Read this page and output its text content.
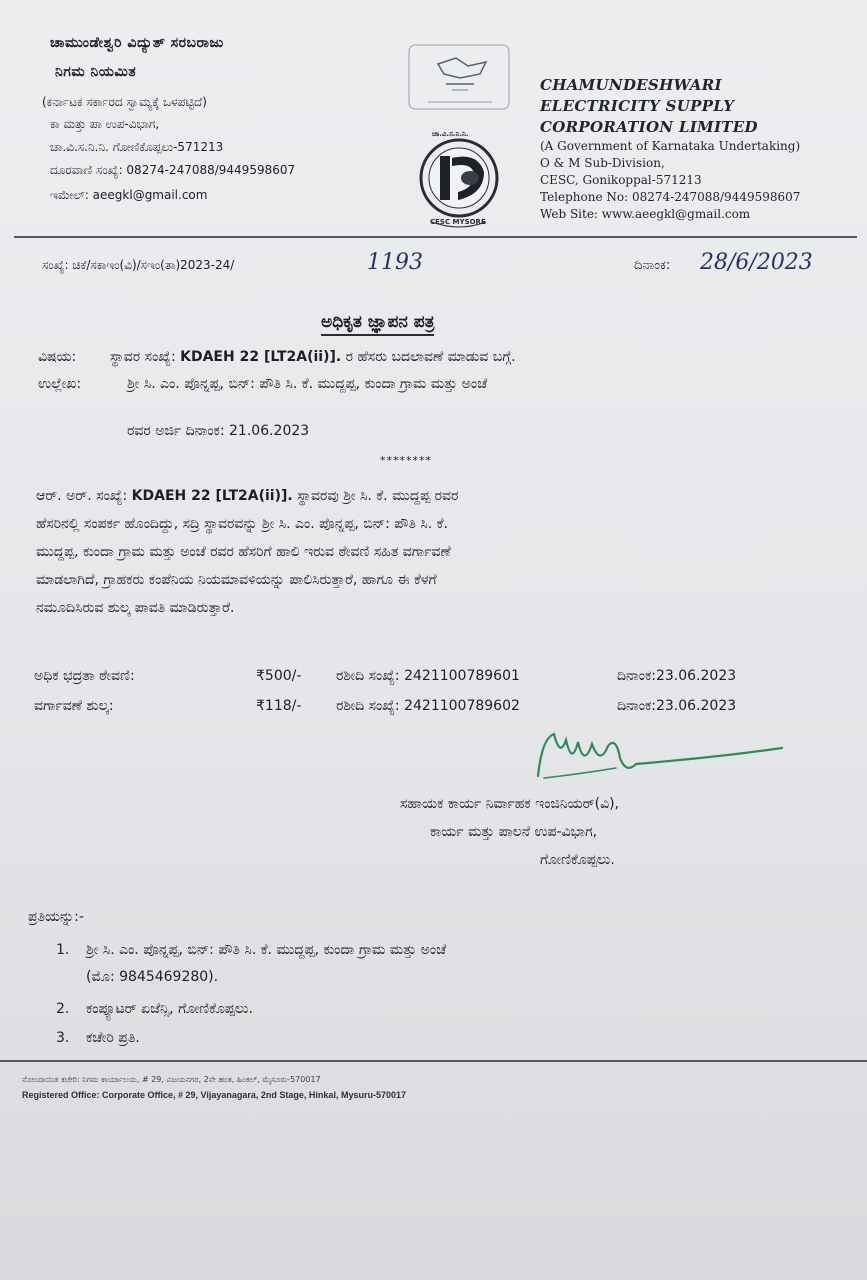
ಚಾಮುಂಡೇಶ್ವರಿ ವಿದ್ಯುತ್ ಸರಬರಾಜು
ನಿಗಮ ನಿಯಮಿತ
(ಕರ್ನಾಟಕ ಸರ್ಕಾರದ ಸ್ವಾಮ್ಯಕ್ಕೆ ಒಳಪಟ್ಟಿದೆ)
ಕಾ ಮತ್ತು ಪಾ ಉಪ-ವಿಭಾಗ,
ಚಾ.ವಿ.ಸ.ನಿ.ನಿ. ಗೋಣಿಕೊಪ್ಪಲು-571213
ದೂರವಾಣಿ ಸಂಖ್ಯೆ: 08274-247088/9449598607
ಇಮೇಲ್: aeegkl@gmail.com
ಚಾ.ವಿ.ಸ.ನಿ.ನಿ.
CESC MYSORE
CHAMUNDESHWARI
ELECTRICITY SUPPLY
CORPORATION LIMITED
(A Government of Karnataka Undertaking)
O & M Sub-Division,
CESC, Gonikoppal-571213
Telephone No: 08274-247088/9449598607
Web Site: www.aeegkl@gmail.com
ಸಂಖ್ಯೆ: ಚಿಕೆ/ಸಕಾಇಂ(ವಿ)/ಸಇಂ(ತಾ)2023-24/	1193	ದಿನಾಂಕ: 28/6/2023
ಅಧಿಕೃತ ಜ್ಞಾಪನ ಪತ್ರ
ವಿಷಯ: ಸ್ಥಾವರ ಸಂಖ್ಯೆ: KDAEH 22 [LT2A(ii)]. ರ ಹೆಸರು ಬದಲಾವಣೆ ಮಾಡುವ ಬಗ್ಗೆ.
ಉಲ್ಲೇಖ:	ಶ್ರೀ ಸಿ. ಎಂ. ಪೊನ್ನಪ್ಪ, ಬಿನ್: ಪೌತಿ ಸಿ. ಕೆ. ಮುದ್ದಪ್ಪ, ಕುಂದಾ ಗ್ರಾಮ ಮತ್ತು ಅಂಚೆ
ರವರ ಅರ್ಜಿ ದಿನಾಂಕ: 21.06.2023
********
ಆರ್. ಅರ್. ಸಂಖ್ಯೆ: KDAEH 22 [LT2A(ii)]. ಸ್ಥಾವರವು ಶ್ರೀ ಸಿ. ಕೆ. ಮುದ್ದಪ್ಪ ರವರ
ಹೆಸರಿನಲ್ಲಿ ಸಂಪರ್ಕ ಹೊಂದಿದ್ದು, ಸದ್ರಿ ಸ್ಥಾವರವನ್ನು ಶ್ರೀ ಸಿ. ಎಂ. ಪೊನ್ನಪ್ಪ, ಬಿನ್: ಪೌತಿ ಸಿ. ಕೆ.
ಮುದ್ದಪ್ಪ, ಕುಂದಾ ಗ್ರಾಮ ಮತ್ತು ಅಂಚೆ ರವರ ಹೆಸರಿಗೆ ಹಾಲಿ ಇರುವ ಠೇವಣಿ ಸಹಿತ ವರ್ಗಾವಣೆ
ಮಾಡಲಾಗಿದೆ, ಗ್ರಾಹಕರು ಕಂಪೆನಿಯ ನಿಯಮಾವಳಿಯನ್ನು ಪಾಲಿಸಿರುತ್ತಾರೆ, ಹಾಗೂ ಈ ಕೆಳಗೆ
ನಮೂದಿಸಿರುವ ಶುಲ್ಕ ಪಾವತಿ ಮಾಡಿರುತ್ತಾರೆ.
ಅಧಿಕ ಭದ್ರತಾ ಠೇವಣಿ:	₹500/- ರಶೀದಿ ಸಂಖ್ಯೆ: 2421100789601	ದಿನಾಂಕ:23.06.2023
ವರ್ಗಾವಣೆ ಶುಲ್ಕ:	₹118/- ರಶೀದಿ ಸಂಖ್ಯೆ: 2421100789602	ದಿನಾಂಕ:23.06.2023
ಸಹಾಯಕ ಕಾರ್ಯ ನಿರ್ವಾಹಕ ಇಂಜಿನಿಯರ್(ವಿ),
ಕಾರ್ಯ ಮತ್ತು ಪಾಲನೆ ಉಪ-ವಿಭಾಗ,
ಗೋಣಿಕೊಪ್ಪಲು.
ಪ್ರತಿಯನ್ನು:-
1. ಶ್ರೀ ಸಿ. ಎಂ. ಪೊನ್ನಪ್ಪ, ಬಿನ್: ಪೌತಿ ಸಿ. ಕೆ. ಮುದ್ದಪ್ಪ, ಕುಂದಾ ಗ್ರಾಮ ಮತ್ತು ಅಂಚೆ
(ಮೊ: 9845469280).
2. ಕಂಪ್ಯೂಟರ್ ಏಜೆನ್ಸಿ, ಗೋಣಿಕೊಪ್ಪಲು.
3. ಕಚೇರಿ ಪ್ರತಿ.
ನೋಂದಾಯಿತ ಕಚೇರಿ: ನಿಗಮ ಕಾರ್ಯಾಲಯ, # 29, ವಿಜಯನಗರ, 2ನೇ ಹಂತ, ಹಿಂಕಲ್, ಮೈಸೂರು-570017
Registered Office: Corporate Office, # 29, Vijayanagara, 2nd Stage, Hinkal, Mysuru-570017
